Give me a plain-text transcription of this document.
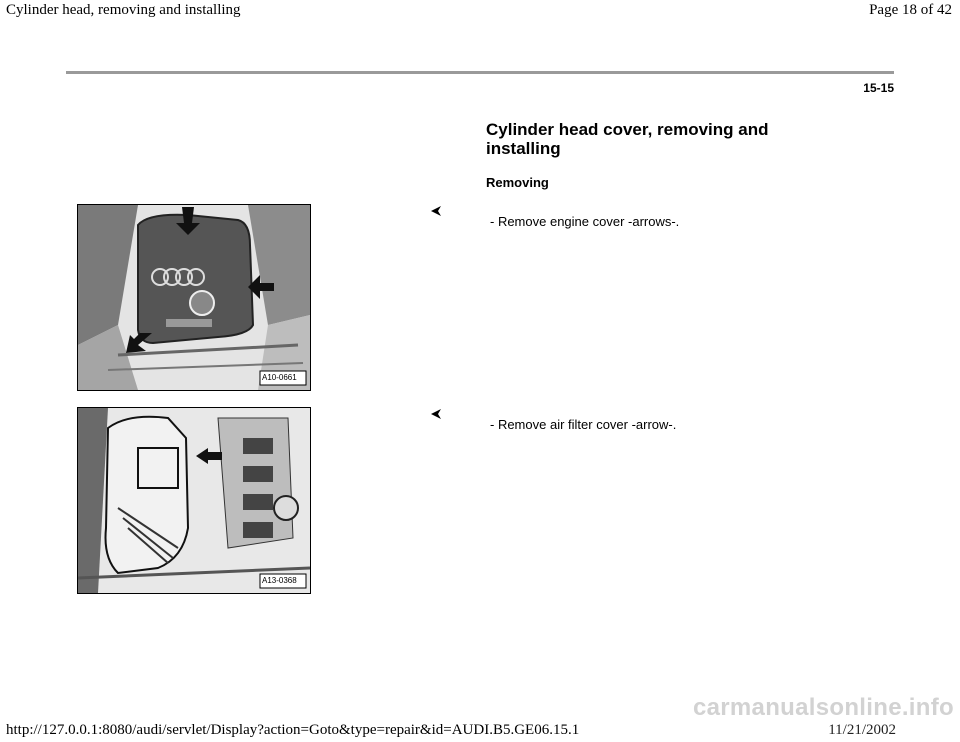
Cylinder head, removing and installing	Page 18 of 42
15-15
Cylinder head cover, removing and installing
Removing
A10-0661
- Remove engine cover -arrows-.
A13-0368
- Remove air filter cover -arrow-.
carmanualsonline.info
http://127.0.0.1:8080/audi/servlet/Display?action=Goto&type=repair&id=AUDI.B5.GE06.15.1	11/21/2002
